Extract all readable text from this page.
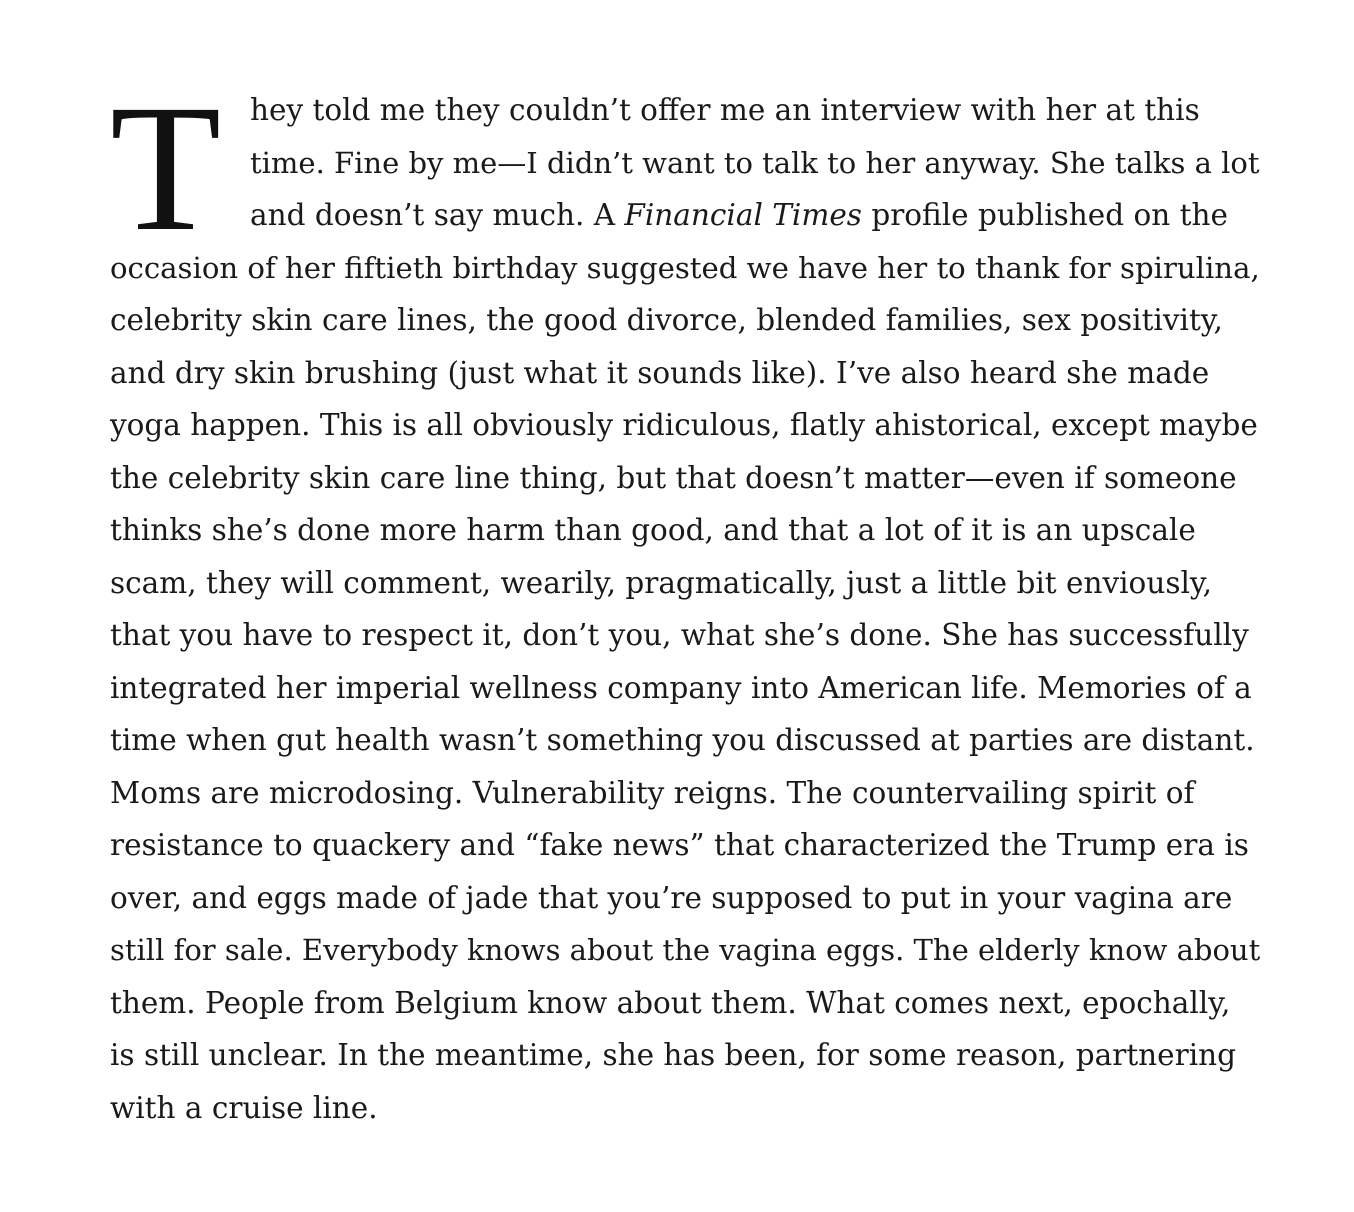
T hey told me they couldn’t offer me an interview with her at this
time. Fine by me—I didn’t want to talk to her anyway. She talks a lot
and doesn’t say much. A Financial Times profile published on the
occasion of her fiftieth birthday suggested we have her to thank for spirulina,
celebrity skin care lines, the good divorce, blended families, sex positivity,
and dry skin brushing (just what it sounds like). I’ve also heard she made
yoga happen. This is all obviously ridiculous, flatly ahistorical, except maybe
the celebrity skin care line thing, but that doesn’t matter—even if someone
thinks she’s done more harm than good, and that a lot of it is an upscale
scam, they will comment, wearily, pragmatically, just a little bit enviously,
that you have to respect it, don’t you, what she’s done. She has successfully
integrated her imperial wellness company into American life. Memories of a
time when gut health wasn’t something you discussed at parties are distant.
Moms are microdosing. Vulnerability reigns. The countervailing spirit of
resistance to quackery and “fake news” that characterized the Trump era is
over, and eggs made of jade that you’re supposed to put in your vagina are
still for sale. Everybody knows about the vagina eggs. The elderly know about
them. People from Belgium know about them. What comes next, epochally,
is still unclear. In the meantime, she has been, for some reason, partnering
with a cruise line.
